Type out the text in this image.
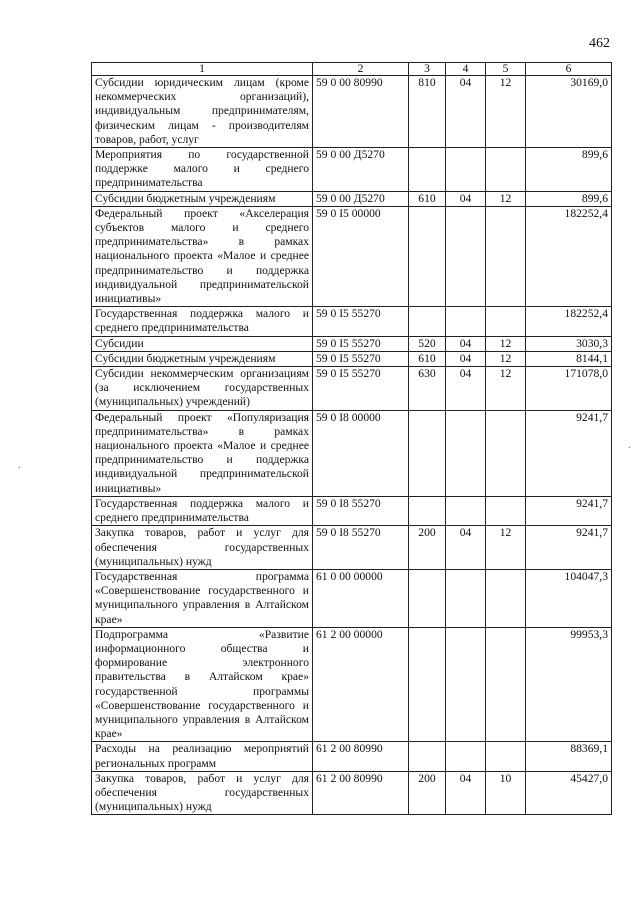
462
1	2	3	4	5	6
Субсидии юридическим лицам (кроме некоммерческих организаций), индивидуальным предпринимателям, физическим лицам - производителям товаров, работ, услуг	59 0 00 80990	810	04	12	30169,0
Мероприятия по государственной поддержке малого и среднего предпринимательства	59 0 00 Д5270				899,6
Субсидии бюджетным учреждениям	59 0 00 Д5270	610	04	12	899,6
Федеральный проект «Акселерация субъектов малого и среднего предпринимательства» в рамках национального проекта «Малое и среднее предпринимательство и поддержка индивидуальной предпринимательской инициативы»	59 0 I5 00000				182252,4
Государственная поддержка малого и среднего предпринимательства	59 0 I5 55270				182252,4
Субсидии	59 0 I5 55270	520	04	12	3030,3
Субсидии бюджетным учреждениям	59 0 I5 55270	610	04	12	8144,1
Субсидии некоммерческим организациям (за исключением государственных (муниципальных) учреждений)	59 0 I5 55270	630	04	12	171078,0
Федеральный проект «Популяризация предпринимательства» в рамках национального проекта «Малое и среднее предпринимательство и поддержка индивидуальной предпринимательской инициативы»	59 0 I8 00000				9241,7
Государственная поддержка малого и среднего предпринимательства	59 0 I8 55270				9241,7
Закупка товаров, работ и услуг для обеспечения государственных (муниципальных) нужд	59 0 I8 55270	200	04	12	9241,7
Государственная программа «Совершенствование государственного и муниципального управления в Алтайском крае»	61 0 00 00000				104047,3
Подпрограмма «Развитие информационного общества и формирование электронного правительства в Алтайском крае» государственной программы «Совершенствование государственного и муниципального управления в Алтайском крае»	61 2 00 00000				99953,3
Расходы на реализацию мероприятий региональных программ	61 2 00 80990				88369,1
Закупка товаров, работ и услуг для обеспечения государственных (муниципальных) нужд	61 2 00 80990	200	04	10	45427,0
.
.
